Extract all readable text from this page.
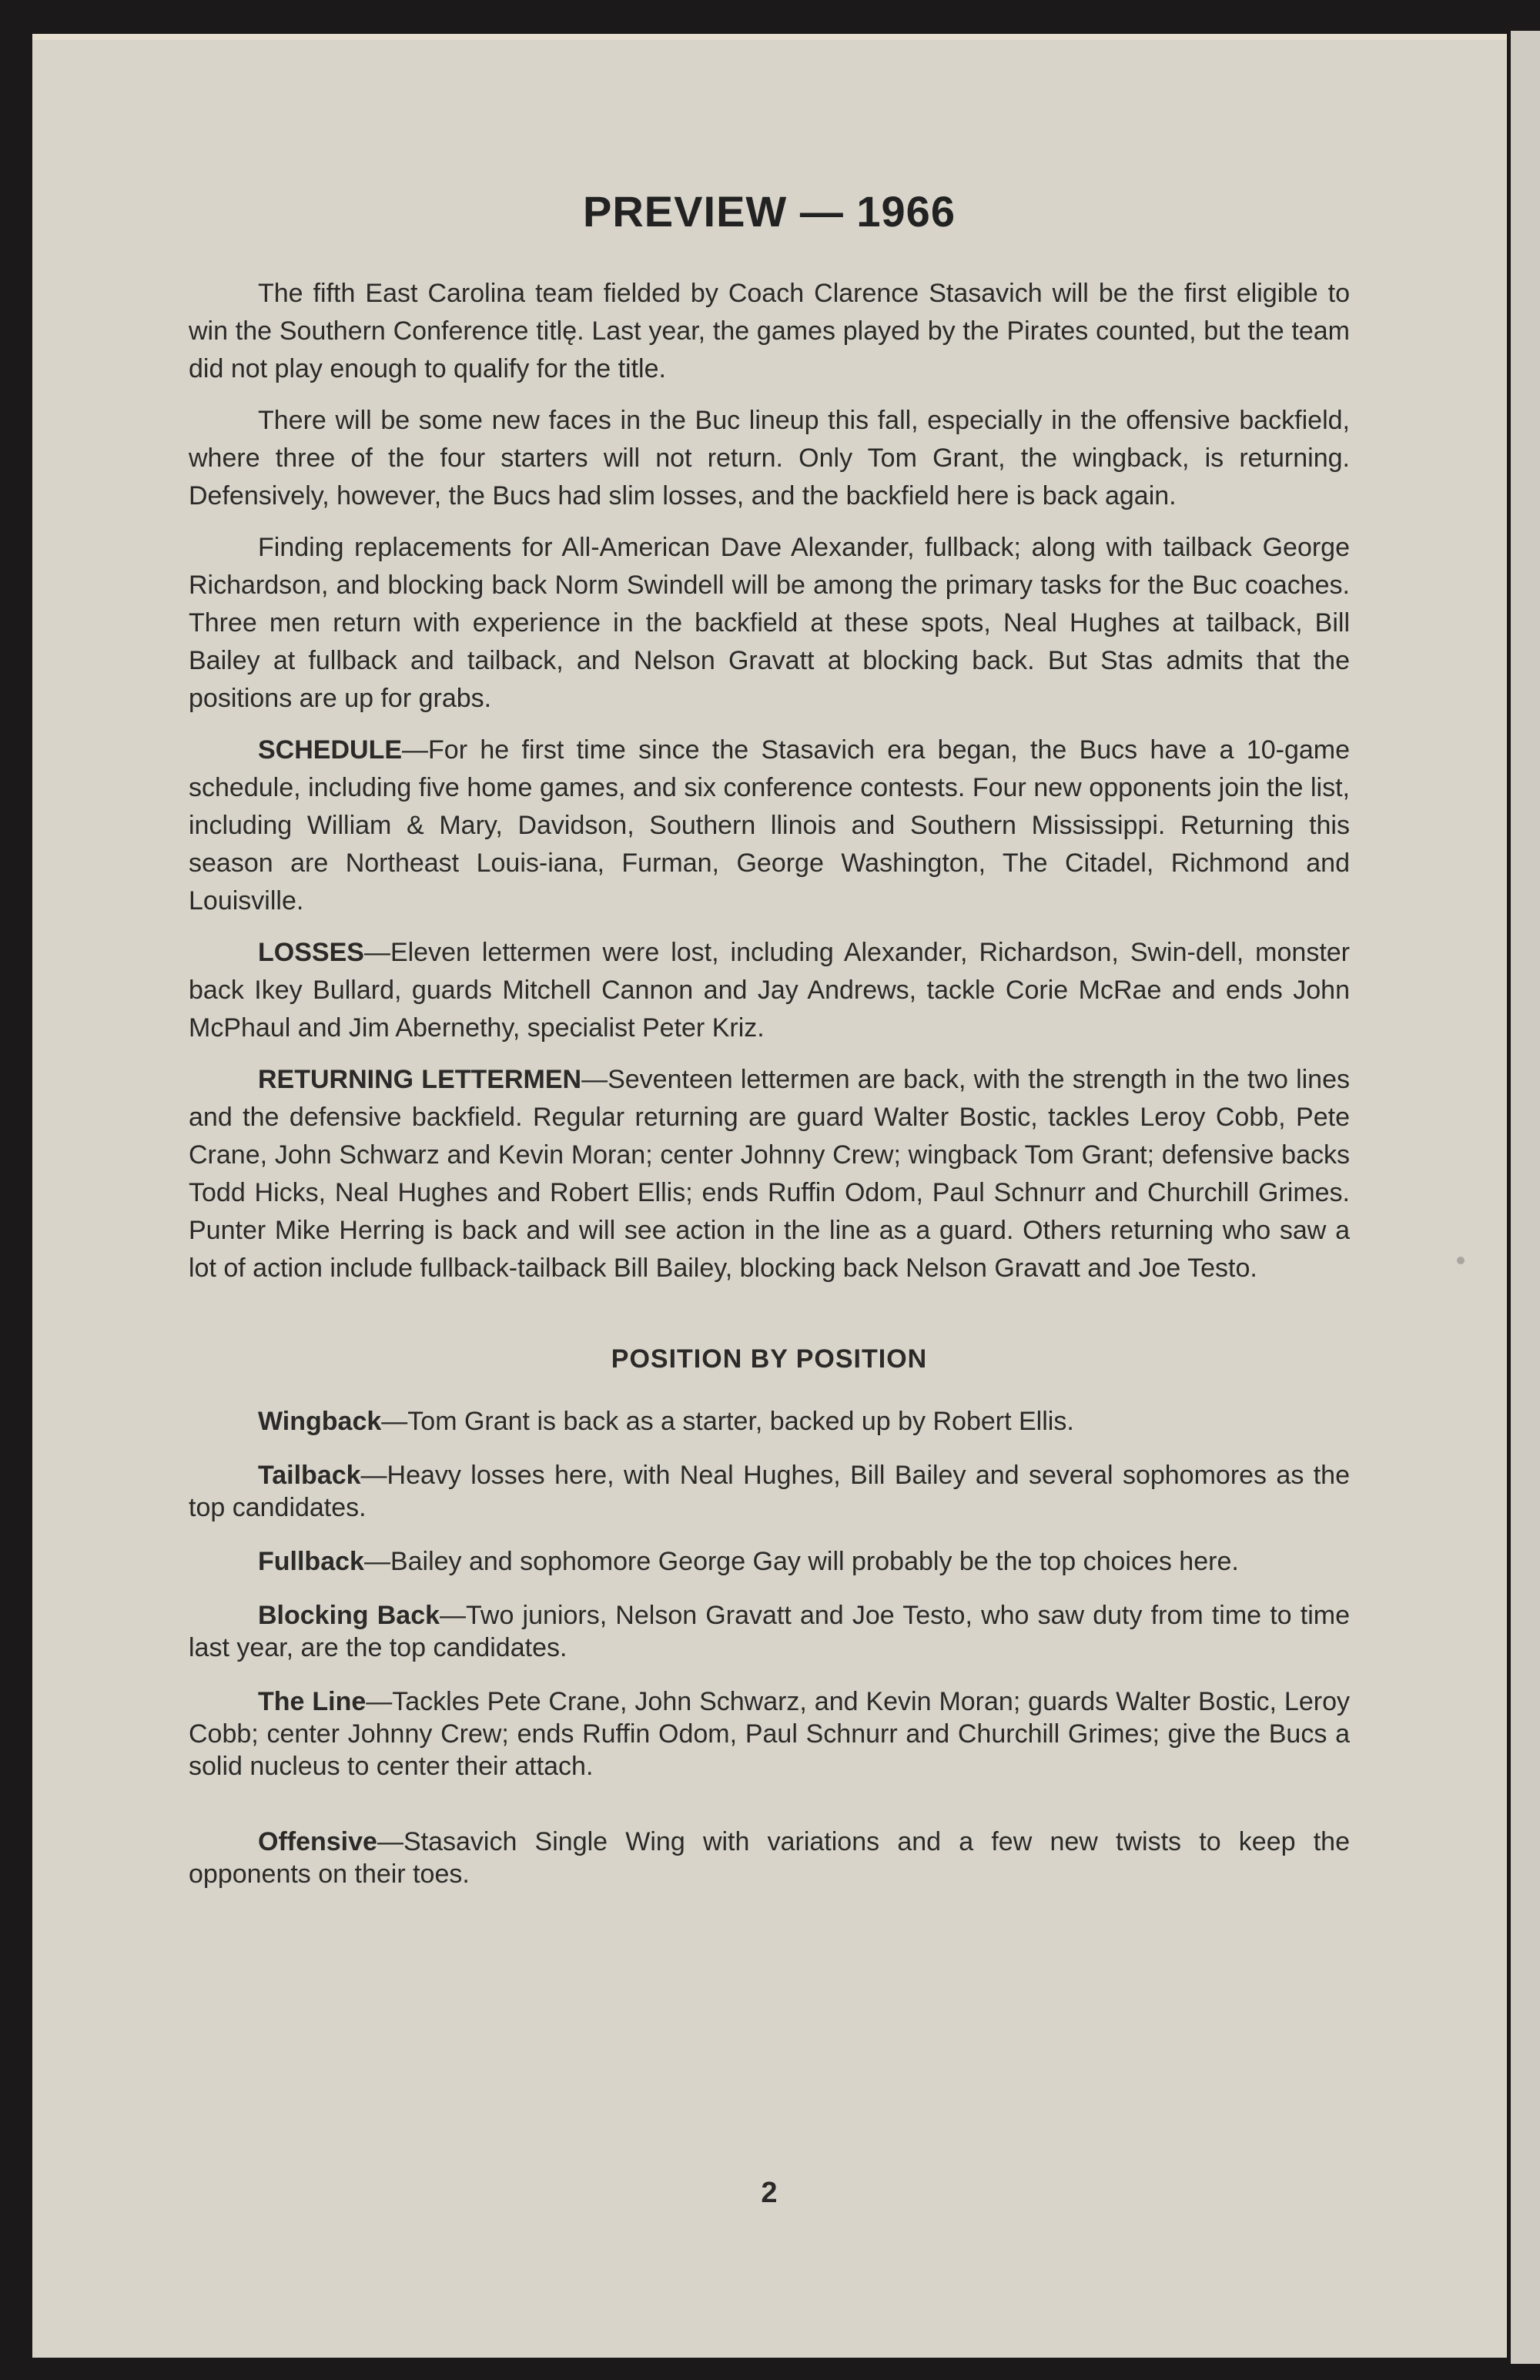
PREVIEW — 1966

The fifth East Carolina team fielded by Coach Clarence Stasavich will be the first eligible to win the Southern Conference titlę. Last year, the games played by the Pirates counted, but the team did not play enough to qualify for the title.

There will be some new faces in the Buc lineup this fall, especially in the offensive backfield, where three of the four starters will not return. Only Tom Grant, the wingback, is returning. Defensively, however, the Bucs had slim losses, and the backfield here is back again.

Finding replacements for All-American Dave Alexander, fullback; along with tailback George Richardson, and blocking back Norm Swindell will be among the primary tasks for the Buc coaches. Three men return with experience in the backfield at these spots, Neal Hughes at tailback, Bill Bailey at fullback and tailback, and Nelson Gravatt at blocking back. But Stas admits that the positions are up for grabs.

SCHEDULE—For he first time since the Stasavich era began, the Bucs have a 10-game schedule, including five home games, and six conference contests. Four new opponents join the list, including William & Mary, Davidson, Southern llinois and Southern Mississippi. Returning this season are Northeast Louis-iana, Furman, George Washington, The Citadel, Richmond and Louisville.

LOSSES—Eleven lettermen were lost, including Alexander, Richardson, Swin-dell, monster back Ikey Bullard, guards Mitchell Cannon and Jay Andrews, tackle Corie McRae and ends John McPhaul and Jim Abernethy, specialist Peter Kriz.

RETURNING LETTERMEN—Seventeen lettermen are back, with the strength in the two lines and the defensive backfield. Regular returning are guard Walter Bostic, tackles Leroy Cobb, Pete Crane, John Schwarz and Kevin Moran; center Johnny Crew; wingback Tom Grant; defensive backs Todd Hicks, Neal Hughes and Robert Ellis; ends Ruffin Odom, Paul Schnurr and Churchill Grimes. Punter Mike Herring is back and will see action in the line as a guard. Others returning who saw a lot of action include fullback-tailback Bill Bailey, blocking back Nelson Gravatt and Joe Testo.

POSITION BY POSITION

Wingback—Tom Grant is back as a starter, backed up by Robert Ellis.

Tailback—Heavy losses here, with Neal Hughes, Bill Bailey and several sophomores as the top candidates.

Fullback—Bailey and sophomore George Gay will probably be the top choices here.

Blocking Back—Two juniors, Nelson Gravatt and Joe Testo, who saw duty from time to time last year, are the top candidates.

The Line—Tackles Pete Crane, John Schwarz, and Kevin Moran; guards Walter Bostic, Leroy Cobb; center Johnny Crew; ends Ruffin Odom, Paul Schnurr and Churchill Grimes; give the Bucs a solid nucleus to center their attach.

Offensive—Stasavich Single Wing with variations and a few new twists to keep the opponents on their toes.

2
